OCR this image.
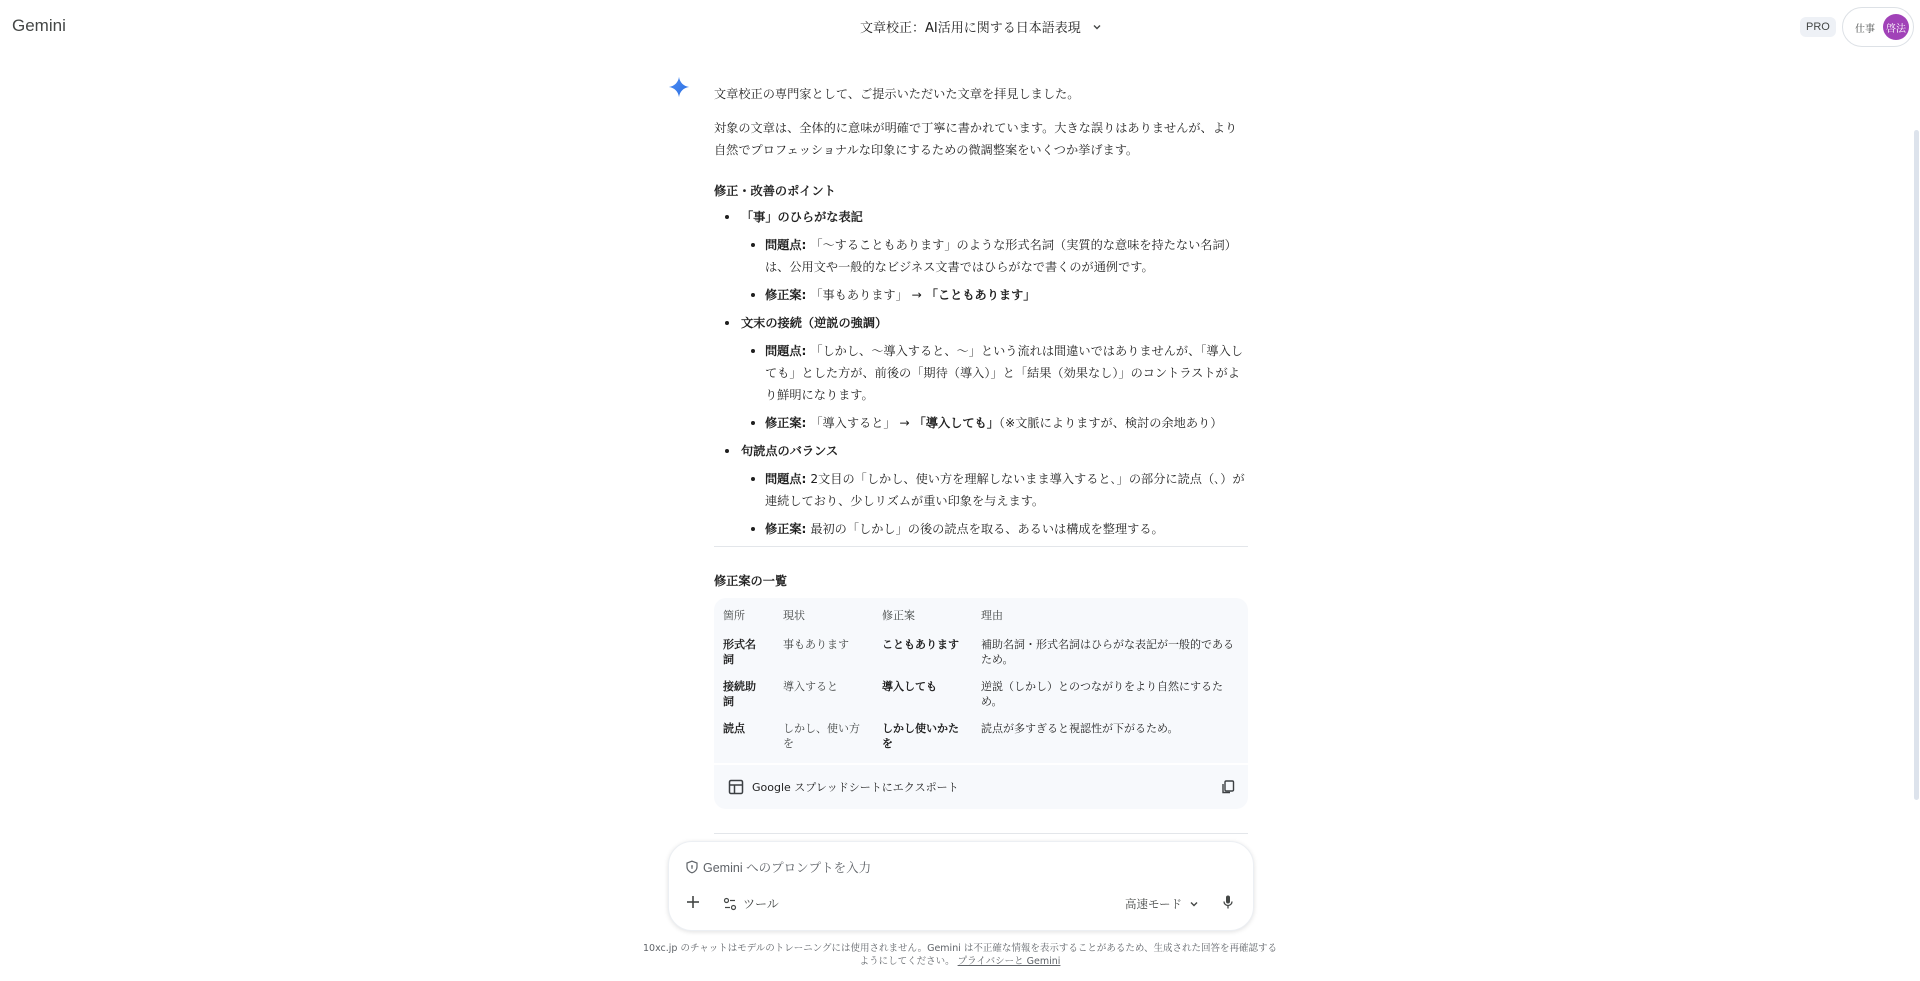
Gemini	文章校正：AI活用に関する日本語表現	PRO	仕事	啓法

文章校正の専門家として、ご提示いただいた文章を拝見しました。

対象の文章は、全体的に意味が明確で丁寧に書かれています。大きな誤りはありませんが、より自然でプロフェッショナルな印象にするための微調整案をいくつか挙げます。

修正・改善のポイント
「事」のひらがな表記
問題点: 「〜することもあります」のような形式名詞（実質的な意味を持たない名詞）は、公用文や一般的なビジネス文書ではひらがなで書くのが通例です。
修正案: 「事もあります」 → 「こともあります」
文末の接続（逆説の強調）
問題点: 「しかし、〜導入すると、〜」という流れは間違いではありませんが、「導入しても」とした方が、前後の「期待（導入）」と「結果（効果なし）」のコントラストがより鮮明になります。
修正案: 「導入すると」 → 「導入しても」（※文脈によりますが、検討の余地あり）
句読点のバランス
問題点: 2文目の「しかし、使い方を理解しないまま導入すると､」の部分に読点（､）が連続しており、少しリズムが重い印象を与えます。
修正案: 最初の「しかし」の後の読点を取る、あるいは構成を整理する。
修正案の一覧
箇所	現状	修正案	理由
形式名詞	事もあります	こともあります	補助名詞・形式名詞はひらがな表記が一般的であるため。
接続助詞	導入すると	導入しても	逆説（しかし）とのつながりをより自然にするため。
読点	しかし、使い方を	しかし使いかたを	読点が多すぎると視認性が下がるため。
Google スプレッドシートにエクスポート
Gemini へのプロンプトを入力
ツール	高速モード
10xc.jp のチャットはモデルのトレーニングには使用されません。Gemini は不正確な情報を表示することがあるため、生成された回答を再確認するようにしてください。 プライバシーと Gemini
